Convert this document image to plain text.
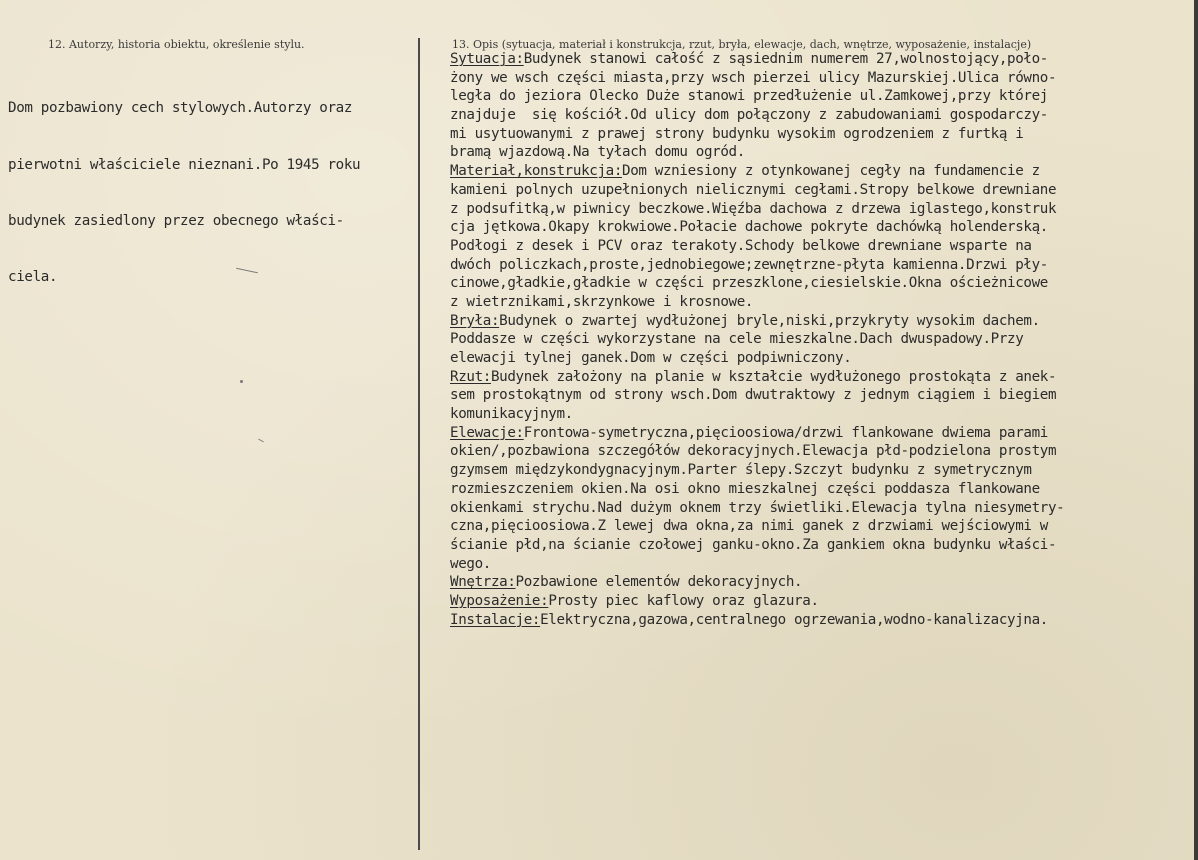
12. Autorzy, historia obiektu, określenie stylu.	13. Opis (sytuacja, materiał i konstrukcja, rzut, bryła, elewacje, dach, wnętrze, wyposażenie, instalacje)

Dom pozbawiony cech stylowych.Autorzy oraz

pierwotni właściciele nieznani.Po 1945 roku

budynek zasiedlony przez obecnego właści-

ciela.

Sytuacja:Budynek stanowi całość z sąsiednim numerem 27,wolnostojący,poło-
żony we wsch części miasta,przy wsch pierzei ulicy Mazurskiej.Ulica równo-
legła do jeziora Olecko Duże stanowi przedłużenie ul.Zamkowej,przy której
znajduje  się kościół.Od ulicy dom połączony z zabudowaniami gospodarczy-
mi usytuowanymi z prawej strony budynku wysokim ogrodzeniem z furtką i
bramą wjazdową.Na tyłach domu ogród.
Materiał,konstrukcja:Dom wzniesiony z otynkowanej cegły na fundamencie z
kamieni polnych uzupełnionych nielicznymi cegłami.Stropy belkowe drewniane
z podsufitką,w piwnicy beczkowe.Więźba dachowa z drzewa iglastego,konstruk
cja jętkowa.Okapy krokwiowe.Połacie dachowe pokryte dachówką holenderską.
Podłogi z desek i PCV oraz terakoty.Schody belkowe drewniane wsparte na
dwóch policzkach,proste,jednobiegowe;zewnętrzne-płyta kamienna.Drzwi pły-
cinowe,gładkie,gładkie w części przeszklone,ciesielskie.Okna ościeżnicowe
z wietrznikami,skrzynkowe i krosnowe.
Bryła:Budynek o zwartej wydłużonej bryle,niski,przykryty wysokim dachem.
Poddasze w części wykorzystane na cele mieszkalne.Dach dwuspadowy.Przy
elewacji tylnej ganek.Dom w części podpiwniczony.
Rzut:Budynek założony na planie w kształcie wydłużonego prostokąta z anek-
sem prostokątnym od strony wsch.Dom dwutraktowy z jednym ciągiem i biegiem
komunikacyjnym.
Elewacje:Frontowa-symetryczna,pięcioosiowa/drzwi flankowane dwiema parami
okien/,pozbawiona szczegółów dekoracyjnych.Elewacja płd-podzielona prostym
gzymsem międzykondygnacyjnym.Parter ślepy.Szczyt budynku z symetrycznym
rozmieszczeniem okien.Na osi okno mieszkalnej części poddasza flankowane
okienkami strychu.Nad dużym oknem trzy świetliki.Elewacja tylna niesymetry-
czna,pięcioosiowa.Z lewej dwa okna,za nimi ganek z drzwiami wejściowymi w
ścianie płd,na ścianie czołowej ganku-okno.Za gankiem okna budynku właści-
wego.
Wnętrza:Pozbawione elementów dekoracyjnych.
Wyposażenie:Prosty piec kaflowy oraz glazura.
Instalacje:Elektryczna,gazowa,centralnego ogrzewania,wodno-kanalizacyjna.
